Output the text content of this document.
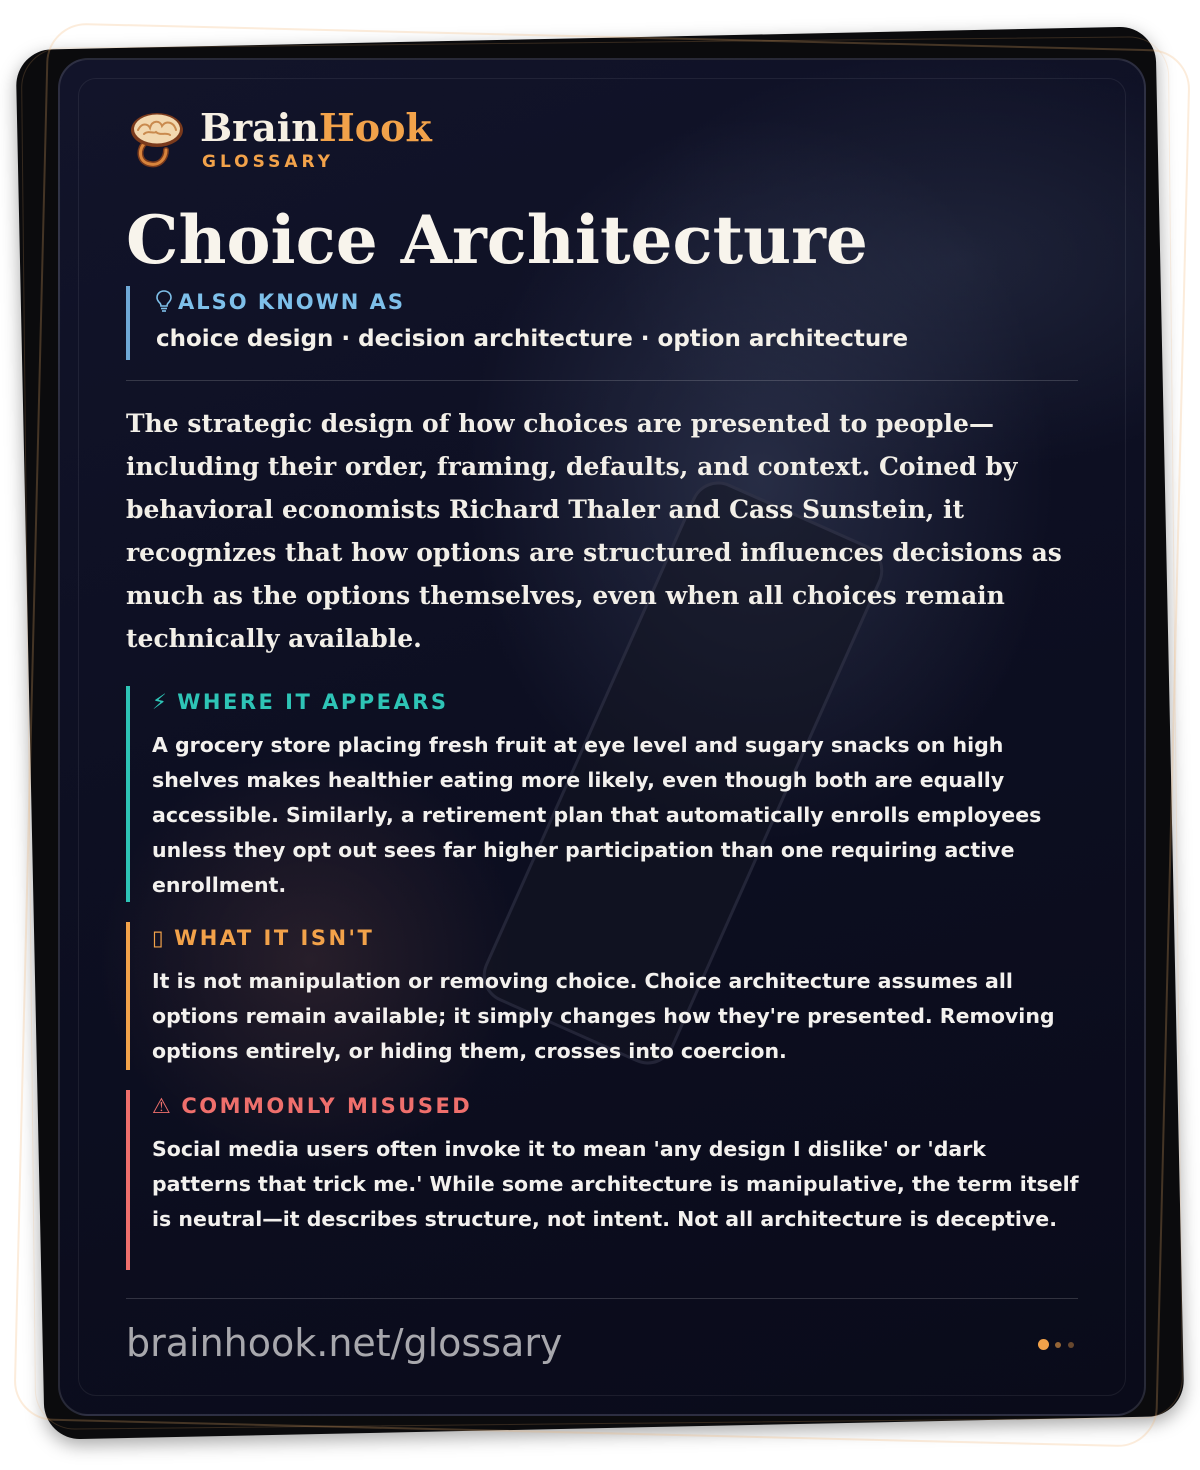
BrainHook
GLOSSARY
Choice Architecture
ALSO KNOWN AS
choice design · decision architecture · option architecture

The strategic design of how choices are presented to people—including their order, framing, defaults, and context. Coined by behavioral economists Richard Thaler and Cass Sunstein, it recognizes that how options are structured influences decisions as much as the options themselves, even when all choices remain technically available.

⚡ WHERE IT APPEARS

A grocery store placing fresh fruit at eye level and sugary snacks on high shelves makes healthier eating more likely, even though both are equally accessible. Similarly, a retirement plan that automatically enrolls employees unless they opt out sees far higher participation than one requiring active enrollment.

▯ WHAT IT ISN'T

It is not manipulation or removing choice. Choice architecture assumes all options remain available; it simply changes how they're presented. Removing options entirely, or hiding them, crosses into coercion.

⚠ COMMONLY MISUSED

Social media users often invoke it to mean 'any design I dislike' or 'dark patterns that trick me.' While some architecture is manipulative, the term itself is neutral—it describes structure, not intent. Not all architecture is deceptive.

brainhook.net/glossary
